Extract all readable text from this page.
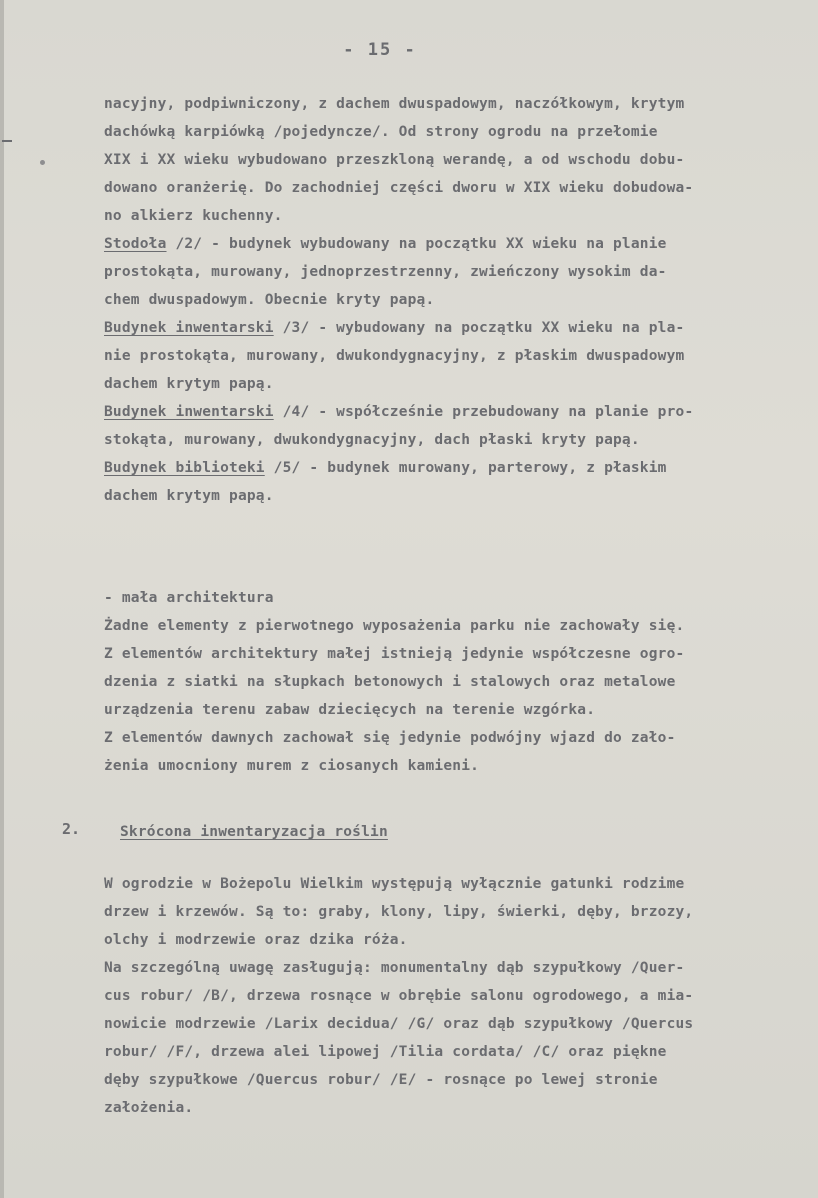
- 15 -
2.
nacyjny, podpiwniczony, z dachem dwuspadowym, naczółkowym, krytym
dachówką karpiówką /pojedyncze/. Od strony ogrodu na przełomie
XIX i XX wieku wybudowano przeszkloną werandę, a od wschodu dobu-
dowano oranżerię. Do zachodniej części dworu w XIX wieku dobudowa-
no alkierz kuchenny.
Stodoła /2/ - budynek wybudowany na początku XX wieku na planie
prostokąta, murowany, jednoprzestrzenny, zwieńczony wysokim da-
chem dwuspadowym. Obecnie kryty papą.
Budynek inwentarski /3/ - wybudowany na początku XX wieku na pla-
nie prostokąta, murowany, dwukondygnacyjny, z płaskim dwuspadowym
dachem krytym papą.
Budynek inwentarski /4/ - współcześnie przebudowany na planie pro-
stokąta, murowany, dwukondygnacyjny, dach płaski kryty papą.
Budynek biblioteki /5/ - budynek murowany, parterowy, z płaskim
dachem krytym papą.
- mała architektura
Żadne elementy z pierwotnego wyposażenia parku nie zachowały się.
Z elementów architektury małej istnieją jedynie współczesne ogro-
dzenia z siatki na słupkach betonowych i stalowych oraz metalowe
urządzenia terenu zabaw dziecięcych na terenie wzgórka.
Z elementów dawnych zachował się jedynie podwójny wjazd do zało-
żenia umocniony murem z ciosanych kamieni.
Skrócona inwentaryzacja roślin
W ogrodzie w Bożepolu Wielkim występują wyłącznie gatunki rodzime
drzew i krzewów. Są to: graby, klony, lipy, świerki, dęby, brzozy,
olchy i modrzewie oraz dzika róża.
Na szczególną uwagę zasługują: monumentalny dąb szypułkowy /Quer-
cus robur/ /B/, drzewa rosnące w obrębie salonu ogrodowego, a mia-
nowicie modrzewie /Larix decidua/ /G/ oraz dąb szypułkowy /Quercus
robur/ /F/, drzewa alei lipowej /Tilia cordata/ /C/ oraz piękne
dęby szypułkowe /Quercus robur/ /E/ - rosnące po lewej stronie
założenia.
